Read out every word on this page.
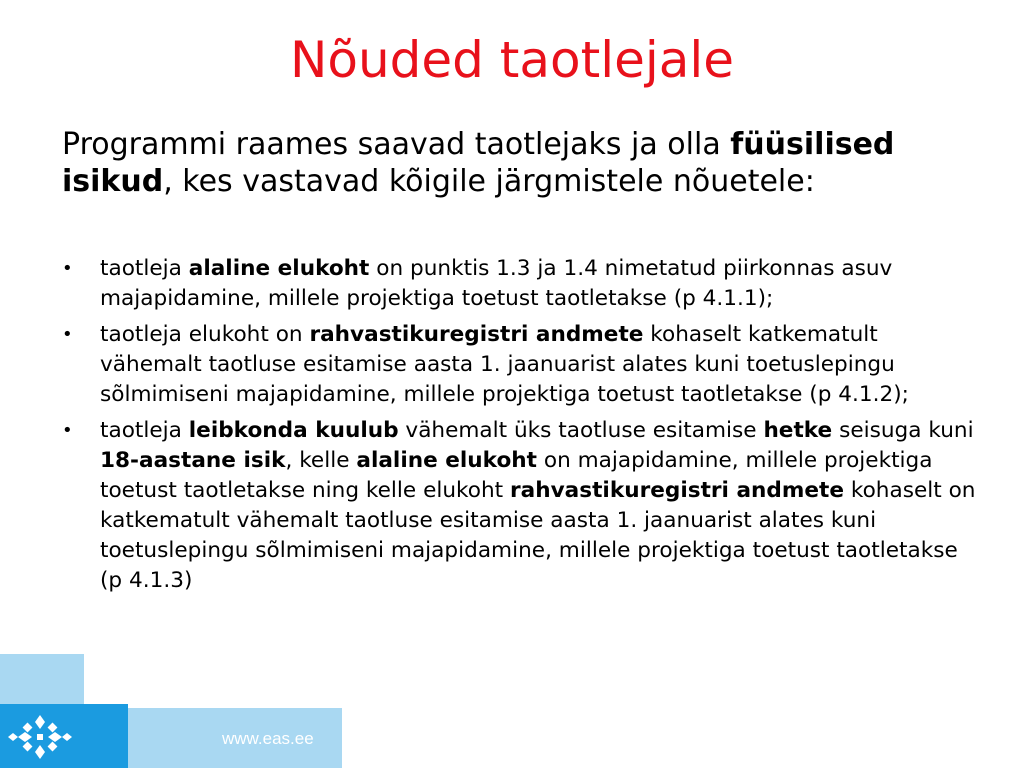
Nõuded taotlejale
Programmi raames saavad taotlejaks ja olla füüsilised isikud, kes vastavad kõigile järgmistele nõuetele:
• taotleja alaline elukoht on punktis 1.3 ja 1.4 nimetatud piirkonnas asuv majapidamine, millele projektiga toetust taotletakse (p 4.1.1);
• taotleja elukoht on rahvastikuregistri andmete kohaselt katkematult vähemalt taotluse esitamise aasta 1. jaanuarist alates kuni toetuslepingu sõlmimiseni majapidamine, millele projektiga toetust taotletakse (p 4.1.2);
• taotleja leibkonda kuulub vähemalt üks taotluse esitamise hetke seisuga kuni 18-aastane isik, kelle alaline elukoht on majapidamine, millele projektiga toetust taotletakse ning kelle elukoht rahvastikuregistri andmete kohaselt on katkematult vähemalt taotluse esitamise aasta 1. jaanuarist alates kuni toetuslepingu sõlmimiseni majapidamine, millele projektiga toetust taotletakse (p 4.1.3)
www.eas.ee
